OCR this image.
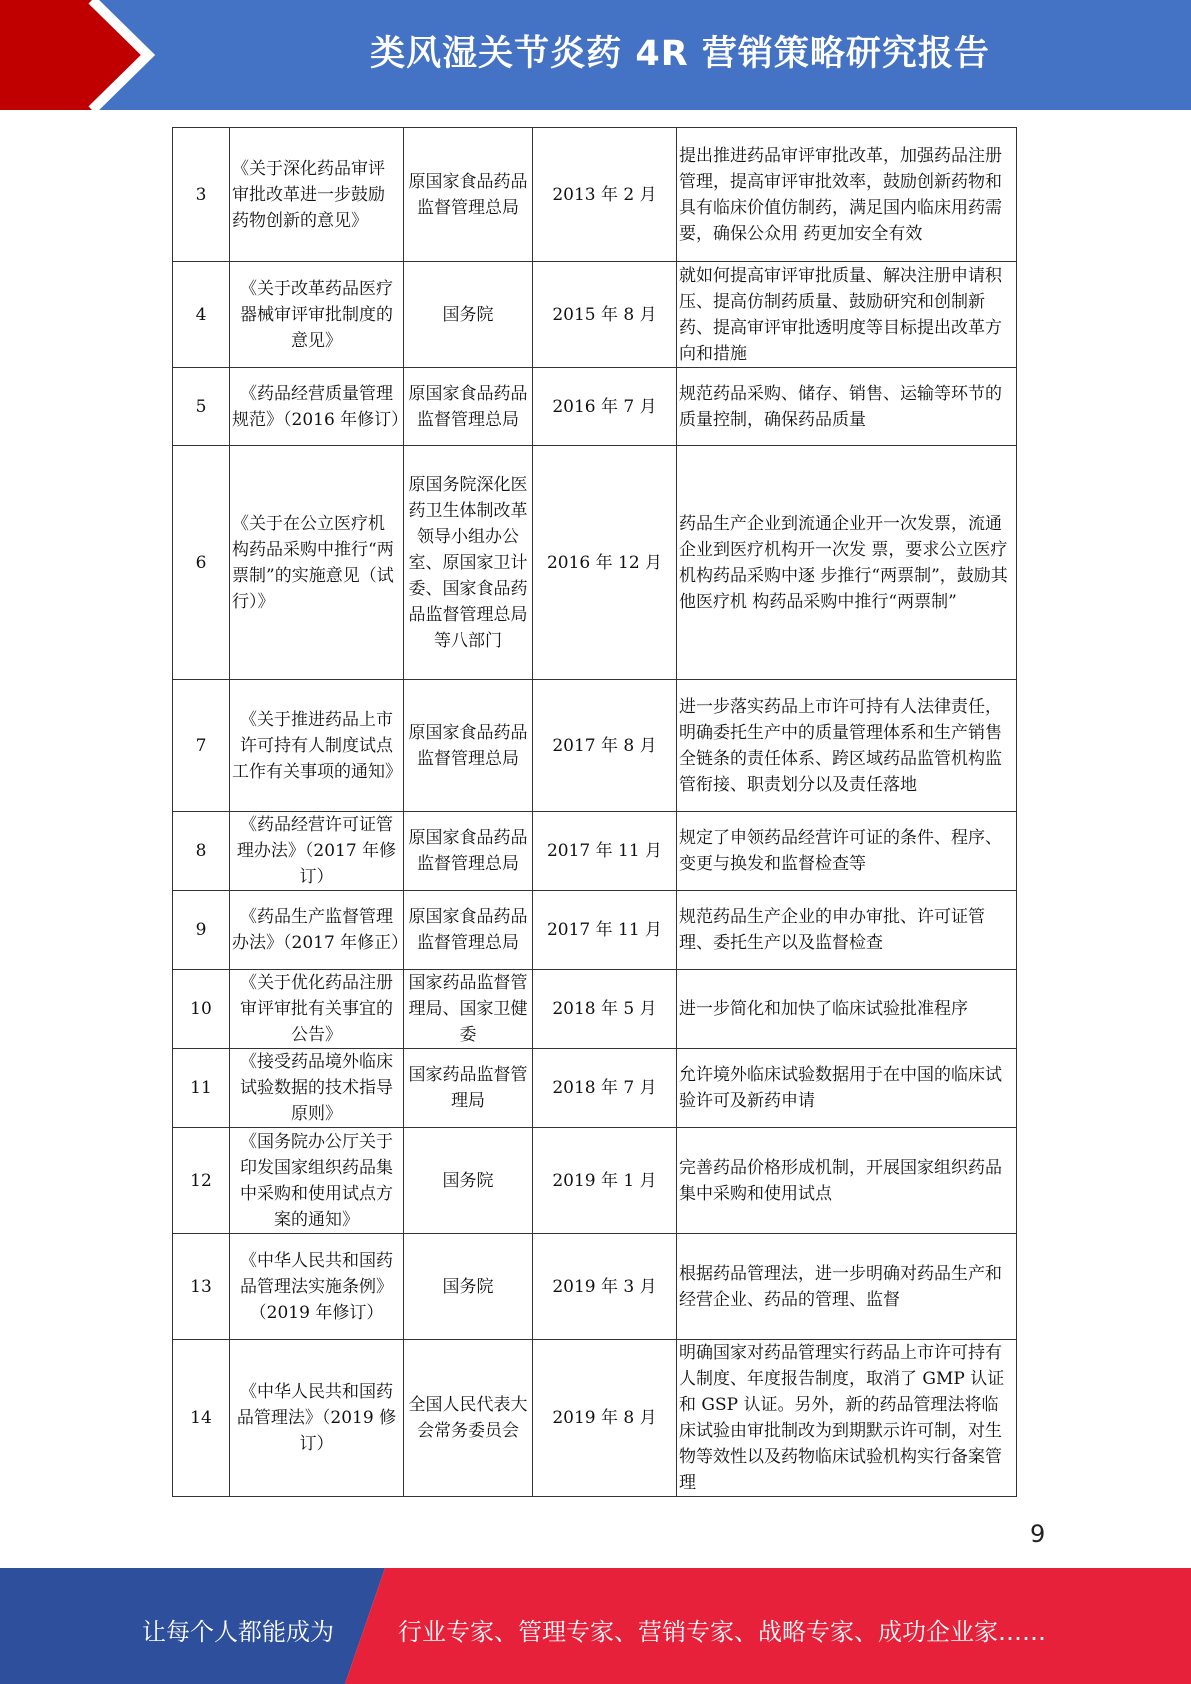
类风湿关节炎药 4R 营销策略研究报告
3	《关于深化药品审评审批改革进一步鼓励药物创新的意见》	原国家食品药品监督管理总局	2013 年 2 月	提出推进药品审评审批改革，加强药品注册管理，提高审评审批效率，鼓励创新药物和具有临床价值仿制药，满足国内临床用药需要，确保公众用 药更加安全有效
4	《关于改革药品医疗器械审评审批制度的意见》	国务院	2015 年 8 月	就如何提高审评审批质量、解决注册申请积压、提高仿制药质量、鼓励研究和创制新药、提高审评审批透明度等目标提出改革方向和措施
5	《药品经营质量管理规范》（2016 年修订）	原国家食品药品监督管理总局	2016 年 7 月	规范药品采购、储存、销售、运输等环节的质量控制，确保药品质量
6	《关于在公立医疗机构药品采购中推行“两票制”的实施意见（试行）》	原国务院深化医药卫生体制改革领导小组办公室、原国家卫计委、国家食品药品监督管理总局等八部门	2016 年 12 月	药品生产企业到流通企业开一次发票，流通企业到医疗机构开一次发 票，要求公立医疗机构药品采购中逐 步推行“两票制”，鼓励其他医疗机 构药品采购中推行“两票制”
7	《关于推进药品上市许可持有人制度试点工作有关事项的通知》	原国家食品药品监督管理总局	2017 年 8 月	进一步落实药品上市许可持有人法律责任，明确委托生产中的质量管理体系和生产销售全链条的责任体系、跨区域药品监管机构监管衔接、职责划分以及责任落地
8	《药品经营许可证管理办法》（2017 年修订）	原国家食品药品监督管理总局	2017 年 11 月	规定了申领药品经营许可证的条件、程序、变更与换发和监督检查等
9	《药品生产监督管理办法》（2017 年修正）	原国家食品药品监督管理总局	2017 年 11 月	规范药品生产企业的申办审批、许可证管理、委托生产以及监督检查
10	《关于优化药品注册审评审批有关事宜的公告》	国家药品监督管理局、国家卫健委	2018 年 5 月	进一步简化和加快了临床试验批准程序
11	《接受药品境外临床试验数据的技术指导原则》	国家药品监督管理局	2018 年 7 月	允许境外临床试验数据用于在中国的临床试验许可及新药申请
12	《国务院办公厅关于印发国家组织药品集中采购和使用试点方案的通知》	国务院	2019 年 1 月	完善药品价格形成机制，开展国家组织药品集中采购和使用试点
13	《中华人民共和国药品管理法实施条例》（2019 年修订）	国务院	2019 年 3 月	根据药品管理法，进一步明确对药品生产和经营企业、药品的管理、监督
14	《中华人民共和国药品管理法》（2019 修订）	全国人民代表大会常务委员会	2019 年 8 月	明确国家对药品管理实行药品上市许可持有人制度、年度报告制度，取消了 GMP 认证和 GSP 认证。另外，新的药品管理法将临床试验由审批制改为到期默示许可制，对生物等效性以及药物临床试验机构实行备案管理
9
让每个人都能成为	行业专家、管理专家、营销专家、战略专家、成功企业家……
